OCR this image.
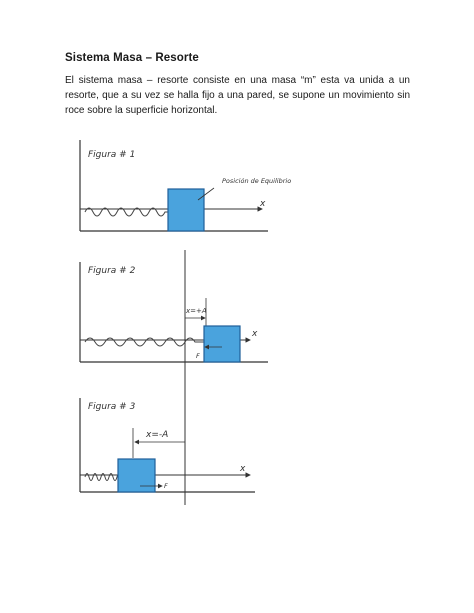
Sistema Masa – Resorte
El sistema masa – resorte consiste en una masa “m” esta va unida a un resorte, que a su vez se halla fijo a una pared, se supone un movimiento sin roce sobre la superficie horizontal.
Figura # 1
x
Posición de Equilibrio
Figura # 2
x
x=+A
F
Figura # 3
x
x=-A
F
